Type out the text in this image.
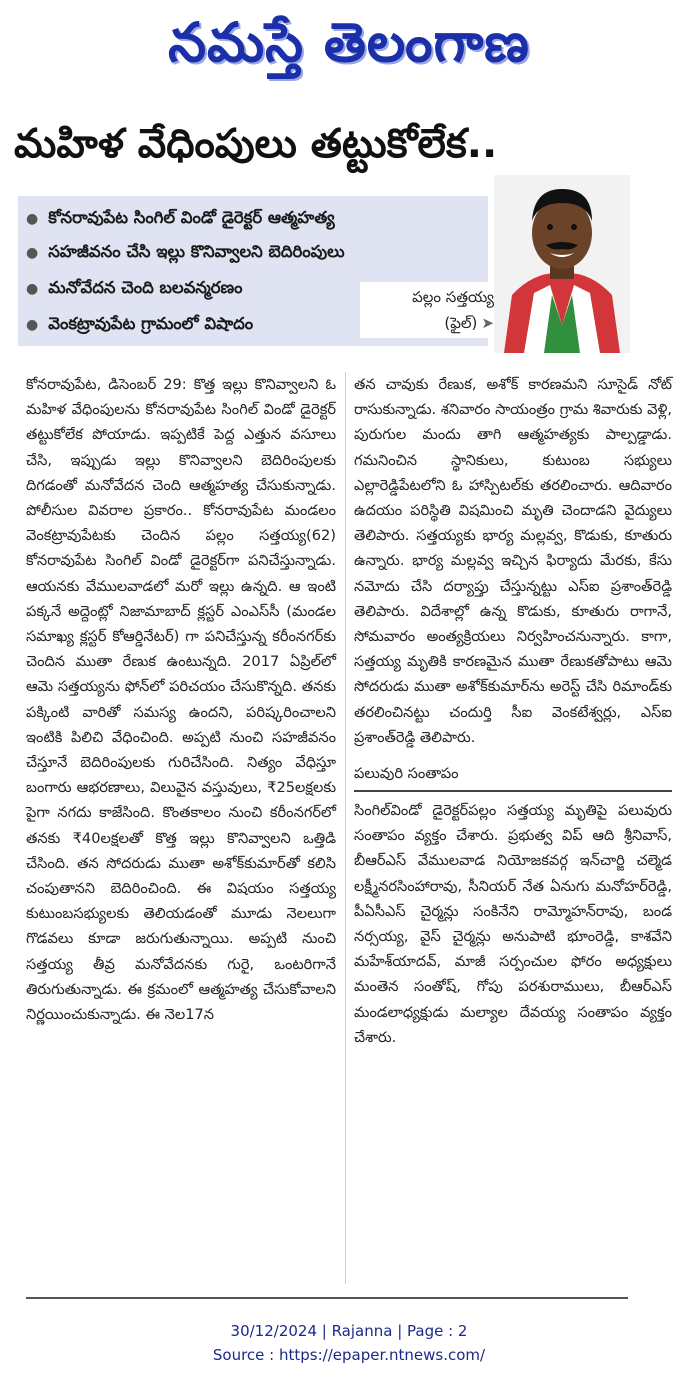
నమస్తే తెలంగాణ
మహిళ వేధింపులు తట్టుకోలేక..
● కోనరావుపేట సింగిల్ విండో డైరెక్టర్ ఆత్మహత్య
● సహజీవనం చేసి ఇల్లు కొనివ్వాలని బెదిరింపులు
● మనోవేదన చెంది బలవన్మరణం
● వెంకట్రావుపేట గ్రామంలో విషాదం
పల్లం సత్తయ్య
(ఫైల్) ➤

కోనరావుపేట, డిసెంబర్ 29: కొత్త ఇల్లు కొనివ్వాలని ఓ మహిళ వేధింపులను కోనరావుపేట సింగిల్ విండో డైరెక్టర్ తట్టుకోలేక పోయాడు. ఇప్పటికే పెద్ద ఎత్తున వసూలు చేసి, ఇప్పుడు ఇల్లు కొనివ్వాలని బెదిరింపులకు దిగడంతో మనోవేదన చెంది ఆత్మహత్య చేసుకున్నాడు. పోలీసుల వివరాల ప్రకారం.. కోనరావుపేట మండలం వెంకట్రావుపేటకు చెందిన పల్లం సత్తయ్య(62) కోనరావుపేట సింగిల్ విండో డైరెక్టర్‌గా పనిచేస్తున్నాడు. ఆయనకు వేములవాడలో మరో ఇల్లు ఉన్నది. ఆ ఇంటి పక్కనే అద్దెంట్లో నిజామాబాద్ క్లస్టర్ ఎంఎస్‌సీ (మండల సమాఖ్య క్లస్టర్ కోఆర్డినేటర్) గా పనిచేస్తున్న కరీంనగర్‌కు చెందిన ముతా రేణుక ఉంటున్నది. 2017 ఏప్రిల్‌లో ఆమె సత్తయ్యను ఫోన్‌లో పరిచయం చేసుకొన్నది. తనకు పక్కింటి వారితో సమస్య ఉందని, పరిష్కరించాలని ఇంటికి పిలిచి వేధించింది. అప్పటి నుంచి సహజీవనం చేస్తూనే బెదిరింపులకు గురిచేసింది. నిత్యం వేధిస్తూ బంగారు ఆభరణాలు, విలువైన వస్తువులు, ₹25లక్షలకు పైగా నగదు కాజేసింది. కొంతకాలం నుంచి కరీంనగర్‌లో తనకు ₹40లక్షలతో కొత్త ఇల్లు కొనివ్వాలని ఒత్తిడి చేసింది. తన సోదరుడు ముతా అశోక్‌కుమార్‌తో కలిసి చంపుతానని బెదిరించింది. ఈ విషయం సత్తయ్య కుటుంబసభ్యులకు తెలియడంతో మూడు నెలలుగా గొడవలు కూడా జరుగుతున్నాయి. అప్పటి నుంచి సత్తయ్య తీవ్ర మనోవేదనకు గురై, ఒంటరిగానే తిరుగుతున్నాడు. ఈ క్రమంలో ఆత్మహత్య చేసుకోవాలని నిర్ణయించుకున్నాడు. ఈ నెల17న

తన చావుకు రేణుక, అశోక్ కారణమని సూసైడ్ నోట్ రాసుకున్నాడు. శనివారం సాయంత్రం గ్రామ శివారుకు వెళ్లి, పురుగుల మందు తాగి ఆత్మహత్యకు పాల్పడ్డాడు. గమనించిన స్థానికులు, కుటుంబ సభ్యులు ఎల్లారెడ్డిపేటలోని ఓ హాస్పిటల్‌కు తరలించారు. ఆదివారం ఉదయం పరిస్థితి విషమించి మృతి చెందాడని వైద్యులు తెలిపారు. సత్తయ్యకు భార్య మల్లవ్వ, కొడుకు, కూతురు ఉన్నారు. భార్య మల్లవ్వ ఇచ్చిన ఫిర్యాదు మేరకు, కేసు నమోదు చేసి దర్యాప్తు చేస్తున్నట్టు ఎస్‌ఐ ప్రశాంత్‌రెడ్డి తెలిపారు. విదేశాల్లో ఉన్న కొడుకు, కూతురు రాగానే, సోమవారం అంత్యక్రియలు నిర్వహించనున్నారు. కాగా, సత్తయ్య మృతికి కారణమైన ముతా రేణుకతోపాటు ఆమె సోదరుడు ముతా అశోక్‌కుమార్‌ను అరెస్ట్ చేసి రిమాండ్‌కు తరలించినట్టు చందుర్తి సీఐ వెంకటేశ్వర్లు, ఎస్‌ఐ ప్రశాంత్‌రెడ్డి తెలిపారు.

పలువురి సంతాపం

సింగిల్‌విండో డైరెక్టర్‌పల్లం సత్తయ్య మృతిపై పలువురు సంతాపం వ్యక్తం చేశారు. ప్రభుత్వ విప్ ఆది శ్రీనివాస్, బీఆర్‌ఎస్ వేములవాడ నియోజకవర్గ ఇన్‌చార్జి చల్మెడ లక్ష్మీనరసింహారావు, సీనియర్ నేత ఏనుగు మనోహర్‌రెడ్డి, పీఏసీఎస్ చైర్మన్లు సంకినేని రామ్మోహన్‌రావు, బండ నర్సయ్య, వైస్ చైర్మన్లు అనుపాటి భూంరెడ్డి, కాశవేని మహేశ్‌యాదవ్, మాజీ సర్పంచుల ఫోరం అధ్యక్షులు మంతెన సంతోష్, గోపు పరశురాములు, బీఆర్‌ఎస్ మండలాధ్యక్షుడు మల్యాల దేవయ్య సంతాపం వ్యక్తం చేశారు.

30/12/2024 | Rajanna | Page : 2
Source : https://epaper.ntnews.com/
